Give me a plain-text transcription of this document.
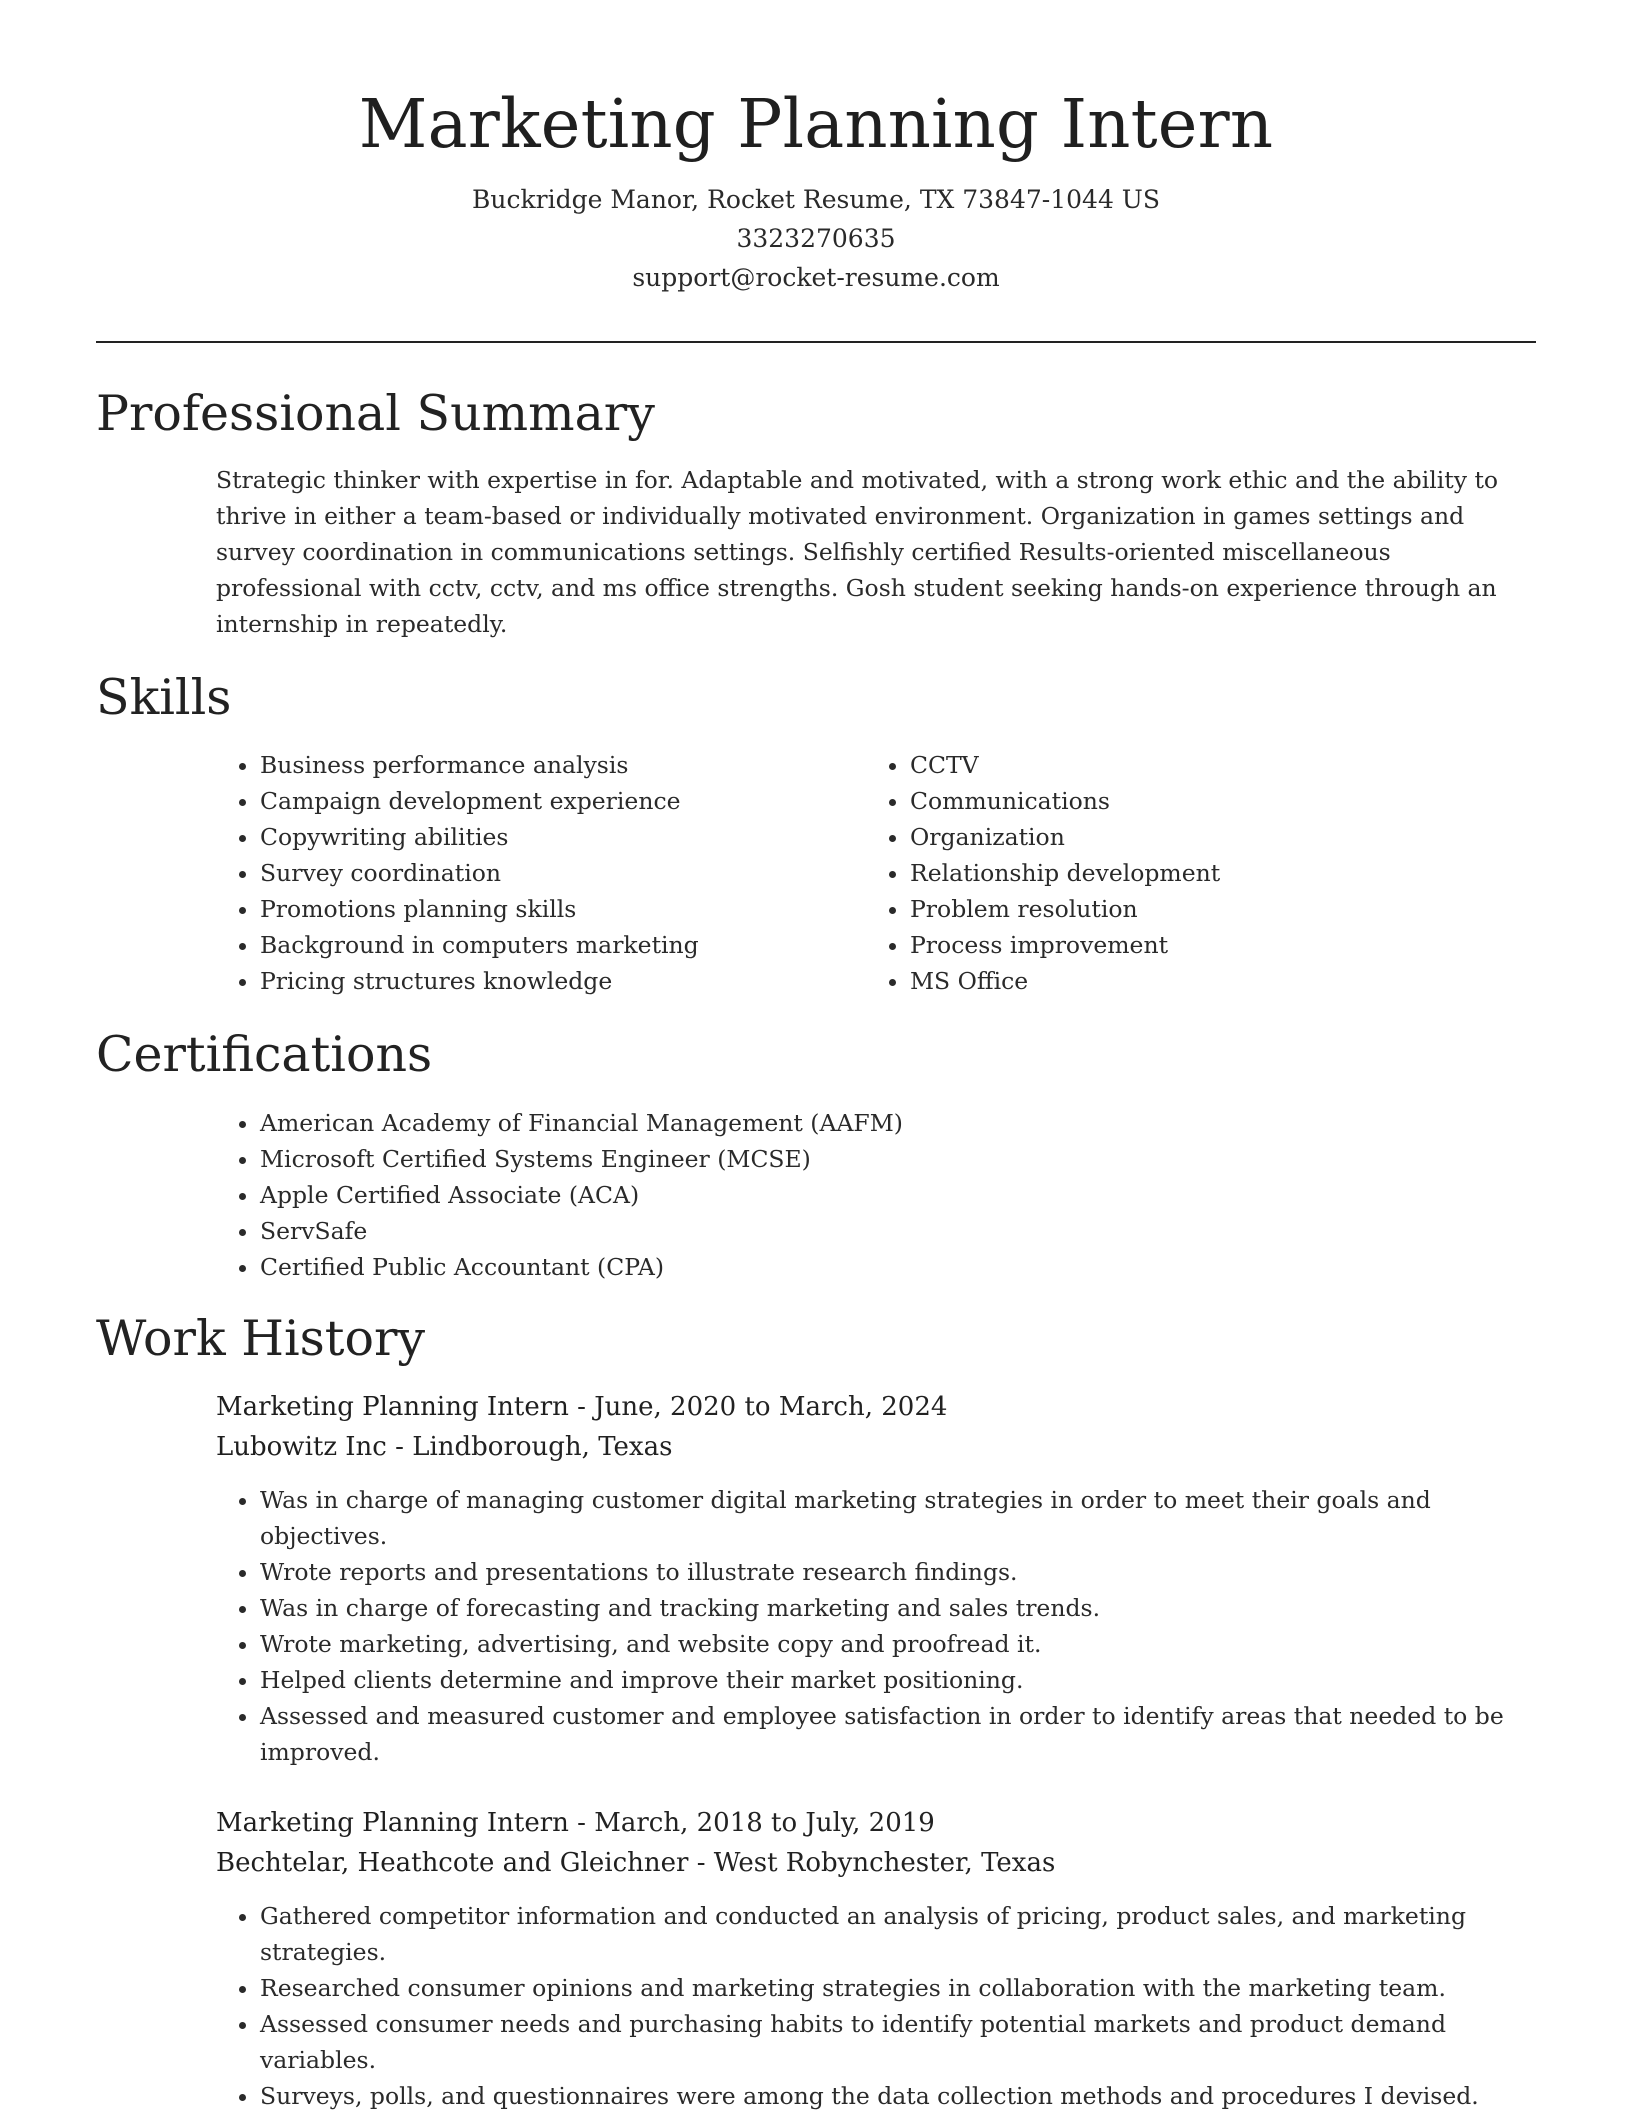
Marketing Planning Intern
Buckridge Manor, Rocket Resume, TX 73847-1044 US
3323270635
support@rocket-resume.com
Professional Summary

Strategic thinker with expertise in for. Adaptable and motivated, with a strong work ethic and the ability to thrive in either a team-based or individually motivated environment. Organization in games settings and survey coordination in communications settings. Selfishly certified Results-oriented miscellaneous professional with cctv, cctv, and ms office strengths. Gosh student seeking hands-on experience through an internship in repeatedly.

Skills
• Business performance analysis
• Campaign development experience
• Copywriting abilities
• Survey coordination
• Promotions planning skills
• Background in computers marketing
• Pricing structures knowledge
• CCTV
• Communications
• Organization
• Relationship development
• Problem resolution
• Process improvement
• MS Office
Certifications
• American Academy of Financial Management (AAFM)
• Microsoft Certified Systems Engineer (MCSE)
• Apple Certified Associate (ACA)
• ServSafe
• Certified Public Accountant (CPA)
Work History
Marketing Planning Intern - June, 2020 to March, 2024
Lubowitz Inc - Lindborough, Texas
• Was in charge of managing customer digital marketing strategies in order to meet their goals and objectives.
• Wrote reports and presentations to illustrate research findings.
• Was in charge of forecasting and tracking marketing and sales trends.
• Wrote marketing, advertising, and website copy and proofread it.
• Helped clients determine and improve their market positioning.
• Assessed and measured customer and employee satisfaction in order to identify areas that needed to be improved.
Marketing Planning Intern - March, 2018 to July, 2019
Bechtelar, Heathcote and Gleichner - West Robynchester, Texas
• Gathered competitor information and conducted an analysis of pricing, product sales, and marketing strategies.
• Researched consumer opinions and marketing strategies in collaboration with the marketing team.
• Assessed consumer needs and purchasing habits to identify potential markets and product demand variables.
• Surveys, polls, and questionnaires were among the data collection methods and procedures I devised.
